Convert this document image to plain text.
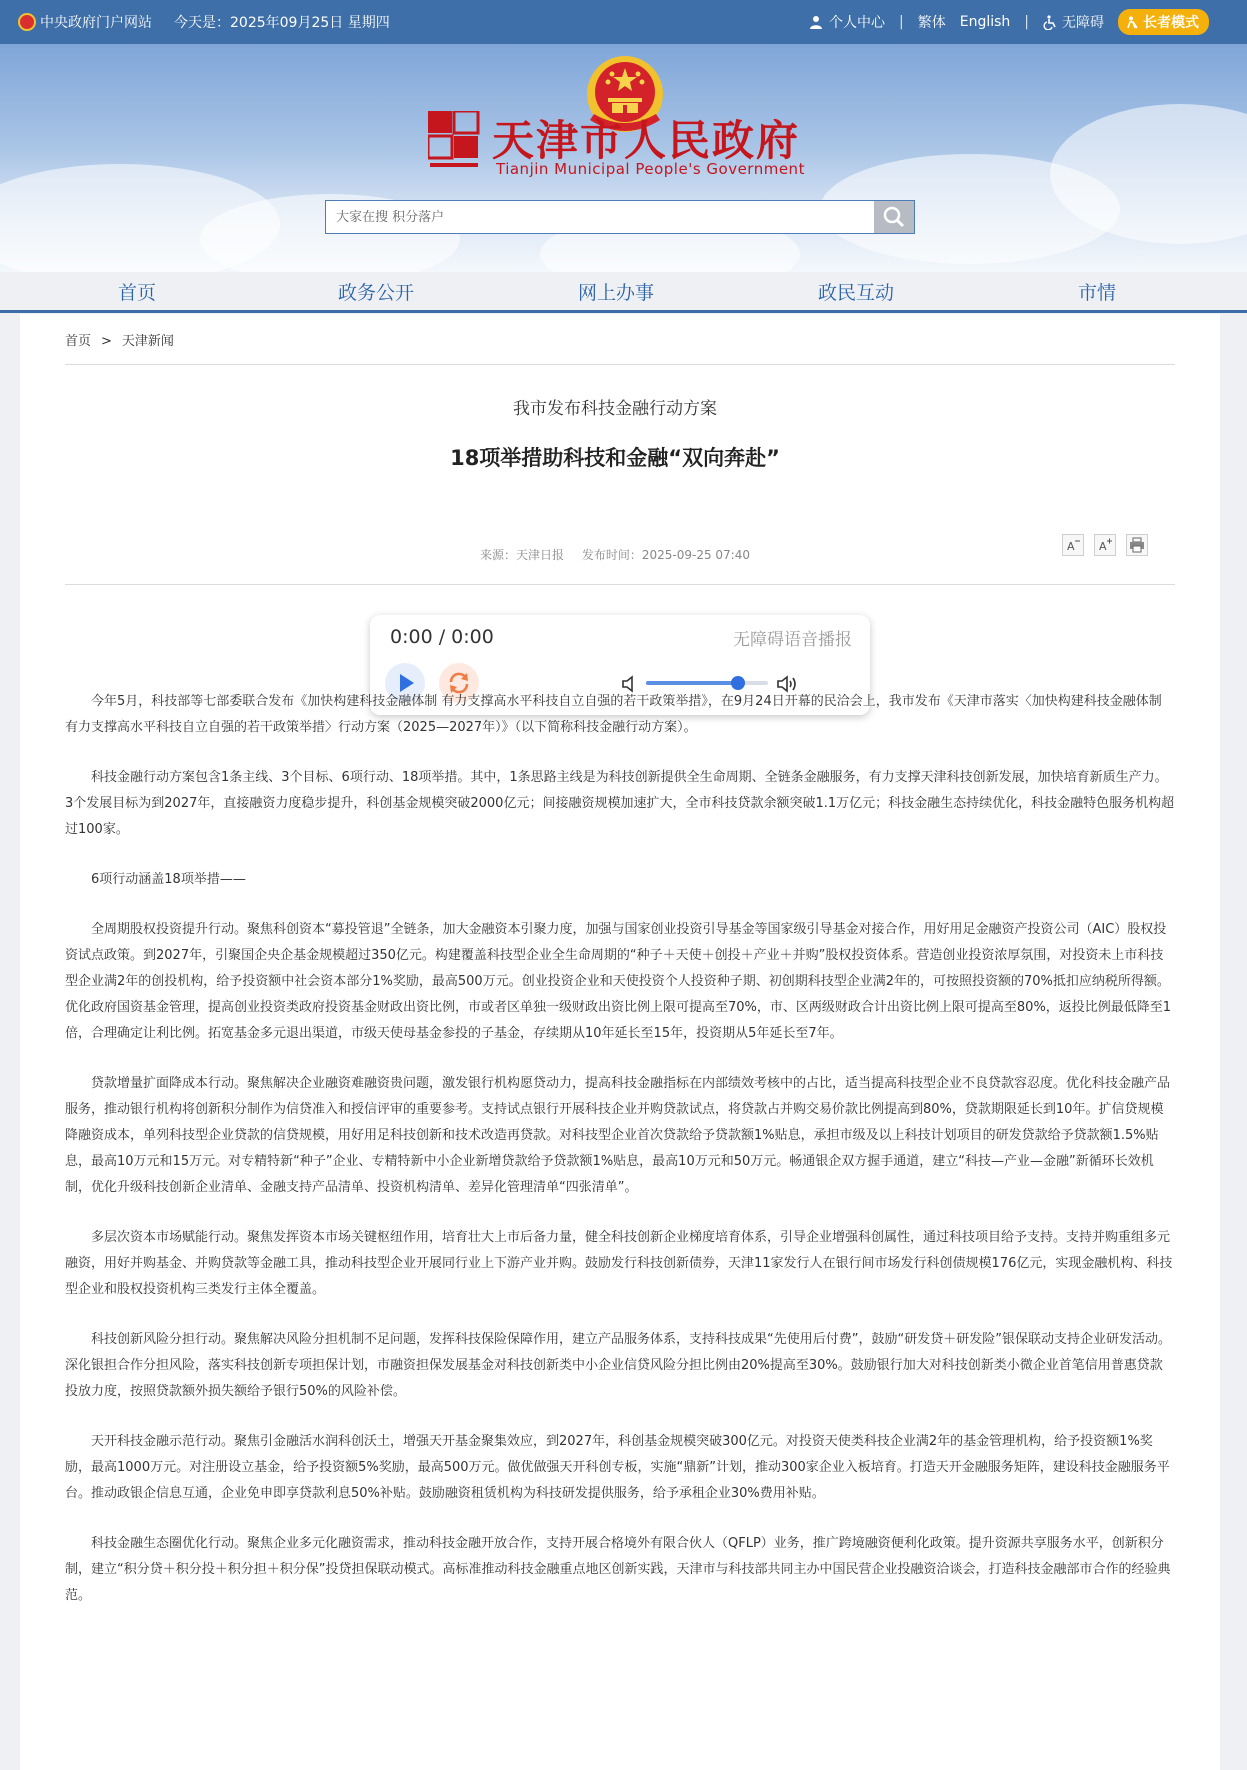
中央政府门户网站 今天是：2025年09月25日 星期四	个人中心 | 繁体 English | 无障碍	长者模式
天津市人民政府
Tianjin Municipal People's Government
大家在搜 积分落户
首页	政务公开	网上办事	政民互动	市情
首页 > 天津新闻
我市发布科技金融行动方案
18项举措助科技和金融“双向奔赴”
来源：天津日报 发布时间：2025-09-25 07:40
A A
0:00 / 0:00	无障碍语音播报

今年5月，科技部等七部委联合发布《加快构建科技金融体制 有力支撑高水平科技自立自强的若干政策举措》，在9月24日开幕的民洽会上，我市发布《天津市落实〈加快构建科技金融体制 有力支撑高水平科技自立自强的若干政策举措〉行动方案（2025—2027年）》（以下简称科技金融行动方案）。

科技金融行动方案包含1条主线、3个目标、6项行动、18项举措。其中，1条思路主线是为科技创新提供全生命周期、全链条金融服务，有力支撑天津科技创新发展，加快培育新质生产力。3个发展目标为到2027年，直接融资力度稳步提升，科创基金规模突破2000亿元；间接融资规模加速扩大，全市科技贷款余额突破1.1万亿元；科技金融生态持续优化，科技金融特色服务机构超过100家。

6项行动涵盖18项举措——

全周期股权投资提升行动。聚焦科创资本“募投管退”全链条，加大金融资本引聚力度，加强与国家创业投资引导基金等国家级引导基金对接合作，用好用足金融资产投资公司（AIC）股权投资试点政策。到2027年，引聚国企央企基金规模超过350亿元。构建覆盖科技型企业全生命周期的“种子＋天使＋创投＋产业＋并购”股权投资体系。营造创业投资浓厚氛围，对投资未上市科技型企业满2年的创投机构，给予投资额中社会资本部分1%奖励，最高500万元。创业投资企业和天使投资个人投资种子期、初创期科技型企业满2年的，可按照投资额的70%抵扣应纳税所得额。优化政府国资基金管理，提高创业投资类政府投资基金财政出资比例，市或者区单独一级财政出资比例上限可提高至70%，市、区两级财政合计出资比例上限可提高至80%，返投比例最低降至1倍，合理确定让利比例。拓宽基金多元退出渠道，市级天使母基金参投的子基金，存续期从10年延长至15年，投资期从5年延长至7年。

贷款增量扩面降成本行动。聚焦解决企业融资难融资贵问题，激发银行机构愿贷动力，提高科技金融指标在内部绩效考核中的占比，适当提高科技型企业不良贷款容忍度。优化科技金融产品服务，推动银行机构将创新积分制作为信贷准入和授信评审的重要参考。支持试点银行开展科技企业并购贷款试点，将贷款占并购交易价款比例提高到80%，贷款期限延长到10年。扩信贷规模降融资成本，单列科技型企业贷款的信贷规模，用好用足科技创新和技术改造再贷款。对科技型企业首次贷款给予贷款额1%贴息，承担市级及以上科技计划项目的研发贷款给予贷款额1.5%贴息，最高10万元和15万元。对专精特新“种子”企业、专精特新中小企业新增贷款给予贷款额1%贴息，最高10万元和50万元。畅通银企双方握手通道，建立“科技—产业—金融”新循环长效机制，优化升级科技创新企业清单、金融支持产品清单、投资机构清单、差异化管理清单“四张清单”。

多层次资本市场赋能行动。聚焦发挥资本市场关键枢纽作用，培育壮大上市后备力量，健全科技创新企业梯度培育体系，引导企业增强科创属性，通过科技项目给予支持。支持并购重组多元融资，用好并购基金、并购贷款等金融工具，推动科技型企业开展同行业上下游产业并购。鼓励发行科技创新债券，天津11家发行人在银行间市场发行科创债规模176亿元，实现金融机构、科技型企业和股权投资机构三类发行主体全覆盖。

科技创新风险分担行动。聚焦解决风险分担机制不足问题，发挥科技保险保障作用，建立产品服务体系，支持科技成果“先使用后付费”，鼓励“研发贷＋研发险”银保联动支持企业研发活动。深化银担合作分担风险，落实科技创新专项担保计划，市融资担保发展基金对科技创新类中小企业信贷风险分担比例由20%提高至30%。鼓励银行加大对科技创新类小微企业首笔信用普惠贷款投放力度，按照贷款额外损失额给予银行50%的风险补偿。

天开科技金融示范行动。聚焦引金融活水润科创沃土，增强天开基金聚集效应，到2027年，科创基金规模突破300亿元。对投资天使类科技企业满2年的基金管理机构，给予投资额1%奖励，最高1000万元。对注册设立基金，给予投资额5%奖励，最高500万元。做优做强天开科创专板，实施“鼎新”计划，推动300家企业入板培育。打造天开金融服务矩阵，建设科技金融服务平台。推动政银企信息互通，企业免申即享贷款利息50%补贴。鼓励融资租赁机构为科技研发提供服务，给予承租企业30%费用补贴。

科技金融生态圈优化行动。聚焦企业多元化融资需求，推动科技金融开放合作，支持开展合格境外有限合伙人（QFLP）业务，推广跨境融资便利化政策。提升资源共享服务水平，创新积分制，建立“积分贷＋积分投＋积分担＋积分保”投贷担保联动模式。高标准推动科技金融重点地区创新实践，天津市与科技部共同主办中国民营企业投融资洽谈会，打造科技金融部市合作的经验典范。
